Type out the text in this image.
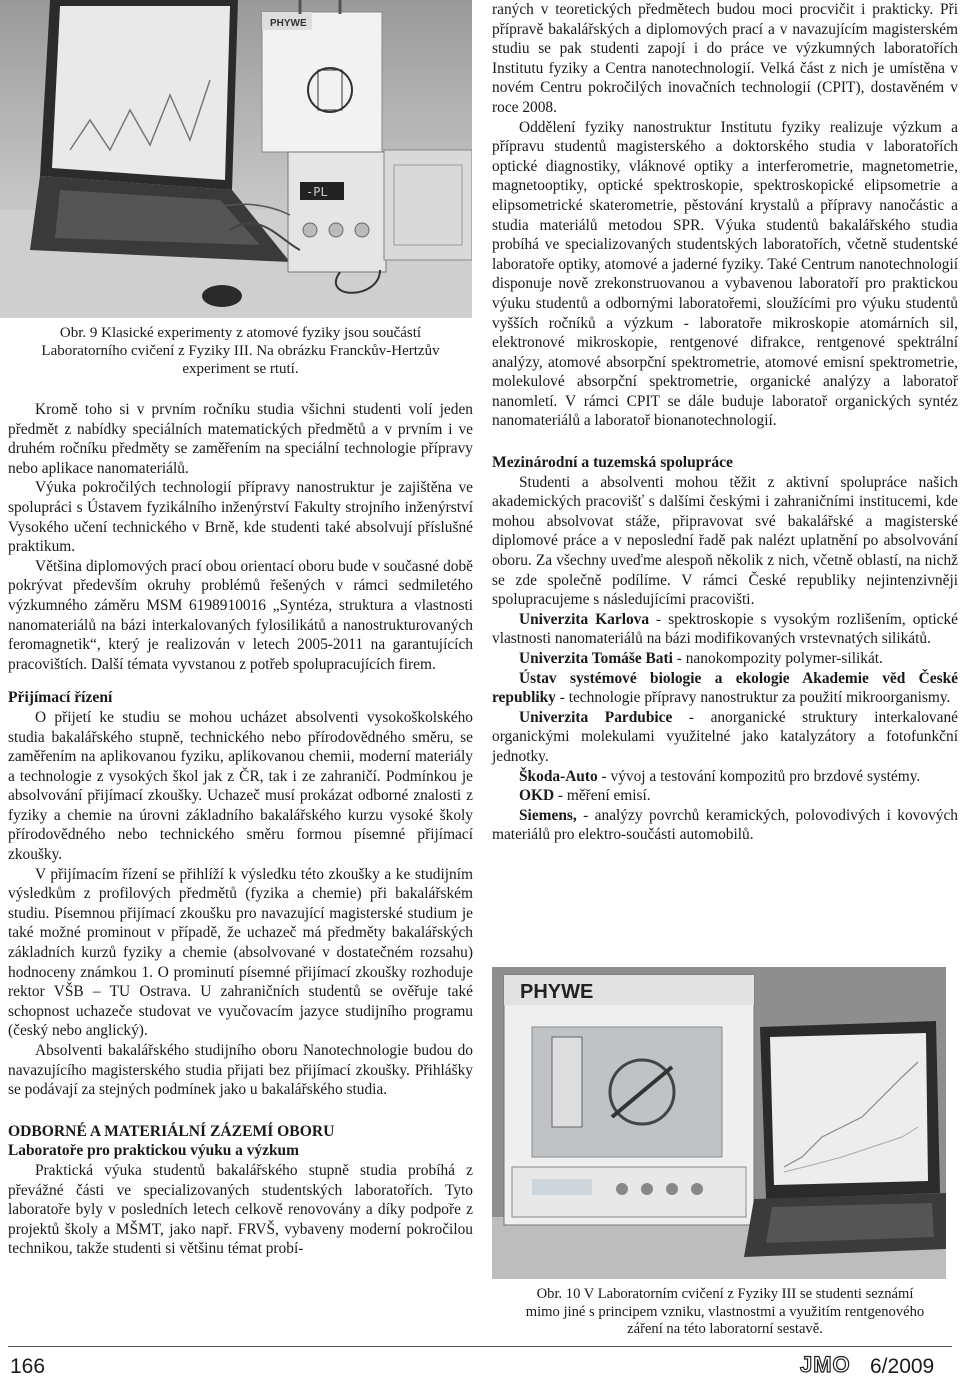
PHYWE
-PL

Obr. 9 Klasické experimenty z atomové fyziky jsou součástí
Laboratorního cvičení z Fyziky III. Na obrázku Franckův-Hertzův
experiment se rtutí.

Kromě toho si v prvním ročníku studia všichni studenti volí jeden předmět z nabídky speciálních matematických předmětů a v prvním i ve druhém ročníku předměty se zaměřením na speciální technologie přípravy nebo aplikace nanomateriálů.

Výuka pokročilých technologií přípravy nanostruktur je zajištěna ve spolupráci s Ústavem fyzikálního inženýrství Fakulty strojního inženýrství Vysokého učení technického v Brně, kde studenti také absolvují příslušné praktikum.

Většina diplomových prací obou orientací oboru bude v současné době pokrývat především okruhy problémů řešených v rámci sedmiletého výzkumného záměru MSM 6198910016 „Syntéza, struktura a vlastnosti nanomateriálů na bázi interkalovaných fylosilikátů a nanostrukturovaných feromagnetik“, který je realizován v letech 2005-2011 na garantujících pracovištích. Další témata vyvstanou z potřeb spolupracujících firem.

Přijímací řízení

O přijetí ke studiu se mohou ucházet absolventi vysokoškolského studia bakalářského stupně, technického nebo přírodovědného směru, se zaměřením na aplikovanou fyziku, aplikovanou chemii, moderní materiály a technologie z vysokých škol jak z ČR, tak i ze zahraničí. Podmínkou je absolvování přijímací zkoušky. Uchazeč musí prokázat odborné znalosti z fyziky a chemie na úrovni základního bakalářského kurzu vysoké školy přírodovědného nebo technického směru formou písemné přijímací zkoušky.

V přijímacím řízení se přihlíží k výsledku této zkoušky a ke studijním výsledkům z profilových předmětů (fyzika a chemie) při bakalářském studiu. Písemnou přijímací zkoušku pro navazující magisterské studium je také možné prominout v případě, že uchazeč má předměty bakalářských základních kurzů fyziky a chemie (absolvované v dostatečném rozsahu) hodnoceny známkou 1. O prominutí písemné přijímací zkoušky rozhoduje rektor VŠB – TU Ostrava. U zahraničních studentů se ověřuje také schopnost uchazeče studovat ve vyučovacím jazyce studijního programu (český nebo anglický).

Absolventi bakalářského studijního oboru Nanotechnologie budou do navazujícího magisterského studia přijati bez přijímací zkoušky. Přihlášky se podávají za stejných podmínek jako u bakalářského studia.

ODBORNÉ A MATERIÁLNÍ ZÁZEMÍ OBORU
Laboratoře pro praktickou výuku a výzkum

Praktická výuka studentů bakalářského stupně studia probíhá z převážné části ve specializovaných studentských laboratořích. Tyto laboratoře byly v posledních letech celkově renovovány a díky podpoře z projektů školy a MŠMT, jako např. FRVŠ, vybaveny moderní pokročilou technikou, takže studenti si většinu témat probí-

raných v teoretických předmětech budou moci procvičit i prakticky. Při přípravě bakalářských a diplomových prací a v navazujícím magisterském studiu se pak studenti zapojí i do práce ve výzkumných laboratořích Institutu fyziky a Centra nanotechnologií. Velká část z nich je umístěna v novém Centru pokročilých inovačních technologií (CPIT), dostavěném v roce 2008.

Oddělení fyziky nanostruktur Institutu fyziky realizuje výzkum a přípravu studentů magisterského a doktorského studia v laboratořích optické diagnostiky, vláknové optiky a interferometrie, magnetometrie, magnetooptiky, optické spektroskopie, spektroskopické elipsometrie a elipsometrické skaterometrie, pěstování krystalů a přípravy nanočástic a studia materiálů metodou SPR. Výuka studentů bakalářského studia probíhá ve specializovaných studentských laboratořích, včetně studentské laboratoře optiky, atomové a jaderné fyziky. Také Centrum nanotechnologií disponuje nově zrekonstruovanou a vybavenou laboratoří pro praktickou výuku studentů a odbornými laboratořemi, sloužícími pro výuku studentů vyšších ročníků a výzkum - laboratoře mikroskopie atomárních sil, elektronové mikroskopie, rentgenové difrakce, rentgenové spektrální analýzy, atomové absorpční spektrometrie, atomové emisní spektrometrie, molekulové absorpční spektrometrie, organické analýzy a laboratoř nanomletí. V rámci CPIT se dále buduje laboratoř organických syntéz nanomateriálů a laboratoř bionanotechnologií.

Mezinárodní a tuzemská spolupráce

Studenti a absolventi mohou těžit z aktivní spolupráce našich akademických pracovišť s dalšími českými i zahraničními institucemi, kde mohou absolvovat stáže, připravovat své bakalářské a magisterské diplomové práce a v neposlední řadě pak nalézt uplatnění po absolvování oboru. Za všechny uveďme alespoň několik z nich, včetně oblastí, na nichž se zde společně podílíme. V rámci České republiky nejintenzivněji spolupracujeme s následujícími pracovišti.

Univerzita Karlova - spektroskopie s vysokým rozlišením, optické vlastnosti nanomateriálů na bázi modifikovaných vrstevnatých silikátů.

Univerzita Tomáše Bati - nanokompozity polymer-silikát.

Ústav systémové biologie a ekologie Akademie věd České republiky - technologie přípravy nanostruktur za použití mikroorganismy.

Univerzita Pardubice - anorganické struktury interkalované organickými molekulami využitelné jako katalyzátory a fotofunkční jednotky.

Škoda-Auto - vývoj a testování kompozitů pro brzdové systémy.

OKD - měření emisí.

Siemens, - analýzy povrchů keramických, polovodivých i kovových materiálů pro elektro-součásti automobilů.

PHYWE

Obr. 10 V Laboratorním cvičení z Fyziky III se studenti seznámí
mimo jiné s principem vzniku, vlastnostmi a využitím rentgenového
záření na této laboratorní sestavě.

166	JMO 6/2009
